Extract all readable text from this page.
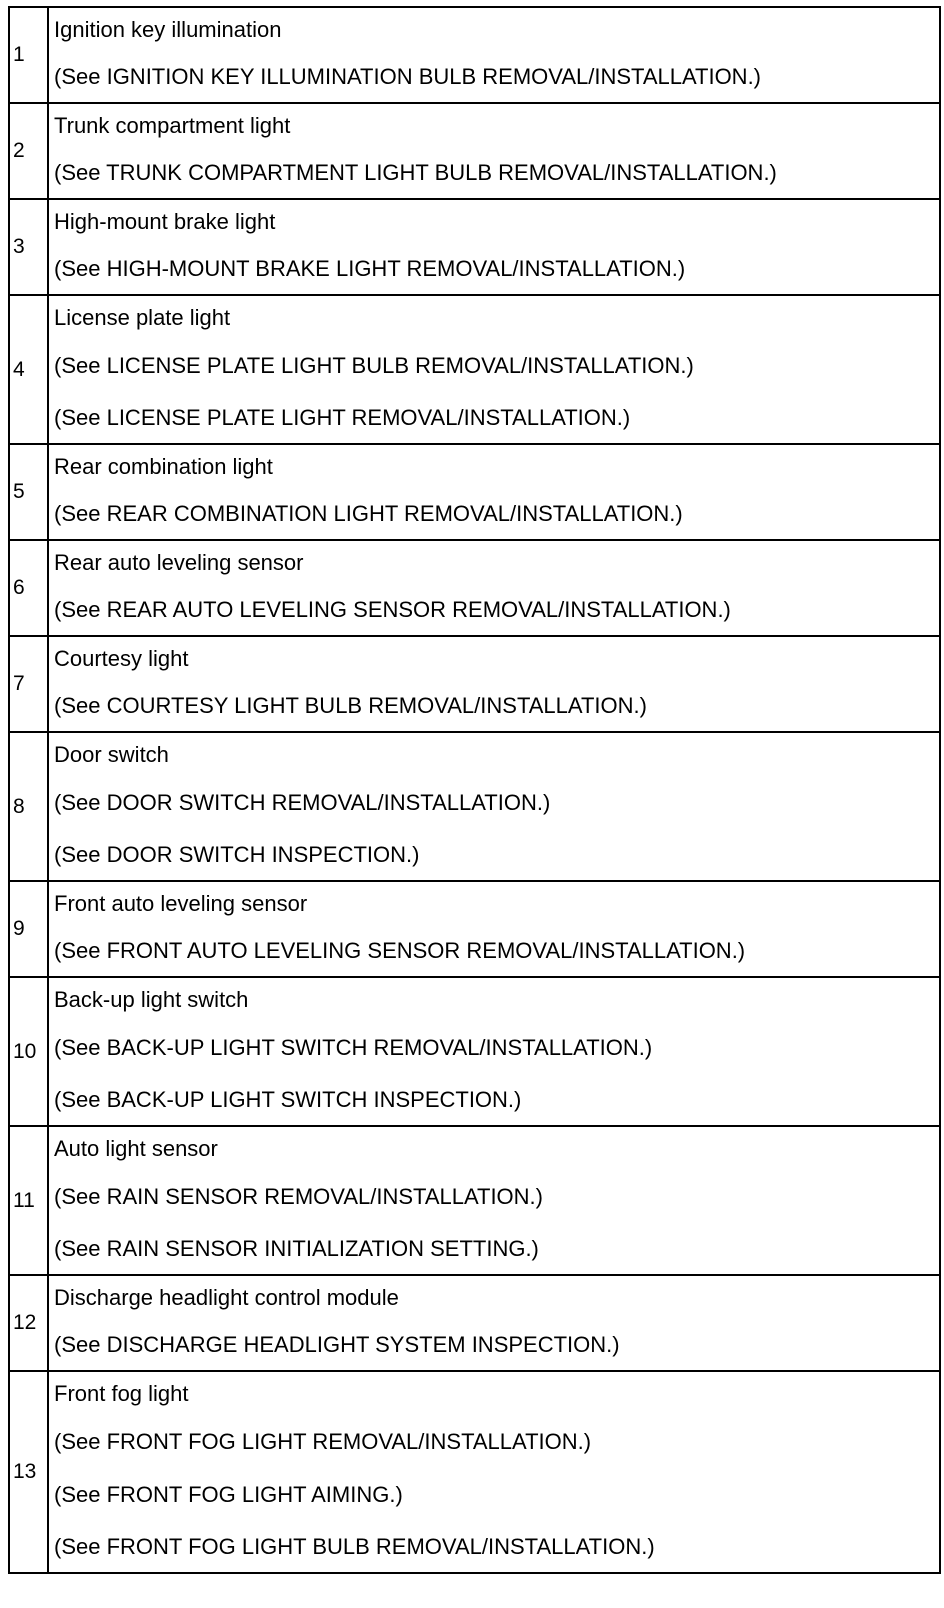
1	Ignition key illumination
(See IGNITION KEY ILLUMINATION BULB REMOVAL/INSTALLATION.)

2	Trunk compartment light
(See TRUNK COMPARTMENT LIGHT BULB REMOVAL/INSTALLATION.)

3	High-mount brake light
(See HIGH-MOUNT BRAKE LIGHT REMOVAL/INSTALLATION.)

4	License plate light
(See LICENSE PLATE LIGHT BULB REMOVAL/INSTALLATION.)
(See LICENSE PLATE LIGHT REMOVAL/INSTALLATION.)

5	Rear combination light
(See REAR COMBINATION LIGHT REMOVAL/INSTALLATION.)

6	Rear auto leveling sensor
(See REAR AUTO LEVELING SENSOR REMOVAL/INSTALLATION.)

7	Courtesy light
(See COURTESY LIGHT BULB REMOVAL/INSTALLATION.)

8	Door switch
(See DOOR SWITCH REMOVAL/INSTALLATION.)
(See DOOR SWITCH INSPECTION.)

9	Front auto leveling sensor
(See FRONT AUTO LEVELING SENSOR REMOVAL/INSTALLATION.)

10	Back-up light switch
(See BACK-UP LIGHT SWITCH REMOVAL/INSTALLATION.)
(See BACK-UP LIGHT SWITCH INSPECTION.)

11	Auto light sensor
(See RAIN SENSOR REMOVAL/INSTALLATION.)
(See RAIN SENSOR INITIALIZATION SETTING.)

12	Discharge headlight control module
(See DISCHARGE HEADLIGHT SYSTEM INSPECTION.)

13	Front fog light
(See FRONT FOG LIGHT REMOVAL/INSTALLATION.)
(See FRONT FOG LIGHT AIMING.)
(See FRONT FOG LIGHT BULB REMOVAL/INSTALLATION.)
